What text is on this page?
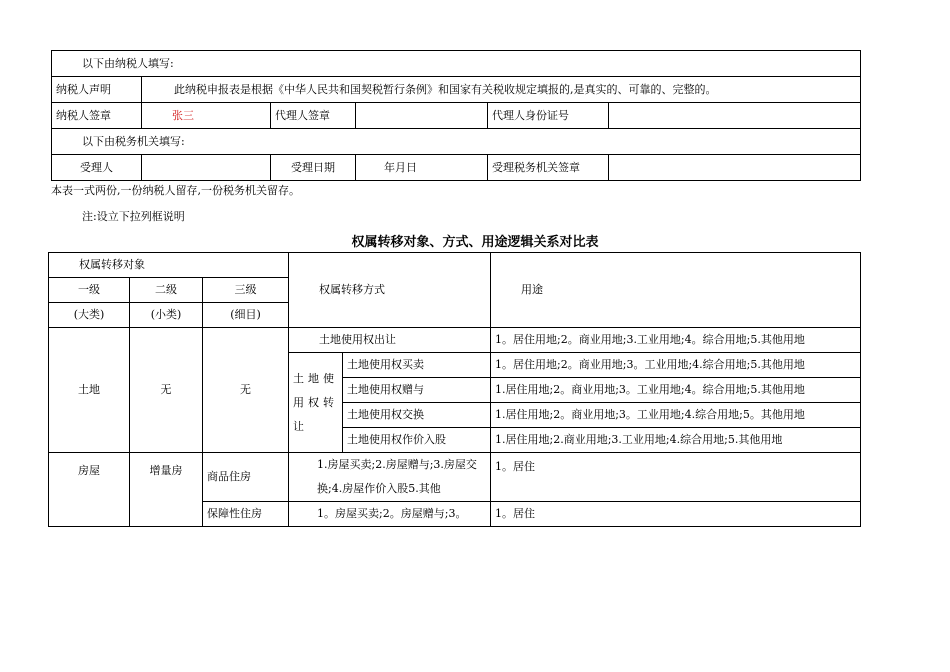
以下由纳税人填写:					
纳税人声明	此纳税申报表是根据《中华人民共和国契税暂行条例》和国家有关税收规定填报的,是真实的、可靠的、完整的。				
纳税人签章	张三	代理人签章		代理人身份证号	
以下由税务机关填写:					
受理人		受理日期	年月日	受理税务机关签章	
本表一式两份,一份纳税人留存,一份税务机关留存。
注:设立下拉列框说明
权属转移对象、方式、用途逻辑关系对比表
权属转移对象			权属转移方式		用途
一级	二级	三级			
(大类)	(小类)	(细目)			
土地	无	无	土地使用权出让		1。居住用地;2。商业用地;3.工业用地;4。综合用地;5.其他用地
			土地使用权转让	土地使用权买卖	1。居住用地;2。商业用地;3。工业用地;4.综合用地;5.其他用地

				土地使用权赠与	1.居住用地;2。商业用地;3。工业用地;4。综合用地;5.其他用地

				土地使用权交换	1.居住用地;2。商业用地;3。工业用地;4.综合用地;5。其他用地

				土地使用权作价入股	1.居住用地;2.商业用地;3.工业用地;4.综合用地;5.其他用地

房屋	增量房	商品住房	1.房屋买卖;2.房屋赠与;3.房屋交换;4.房屋作价入股5.其他		1。居住
		保障性住房	1。房屋买卖;2。房屋赠与;3。		1。居住
